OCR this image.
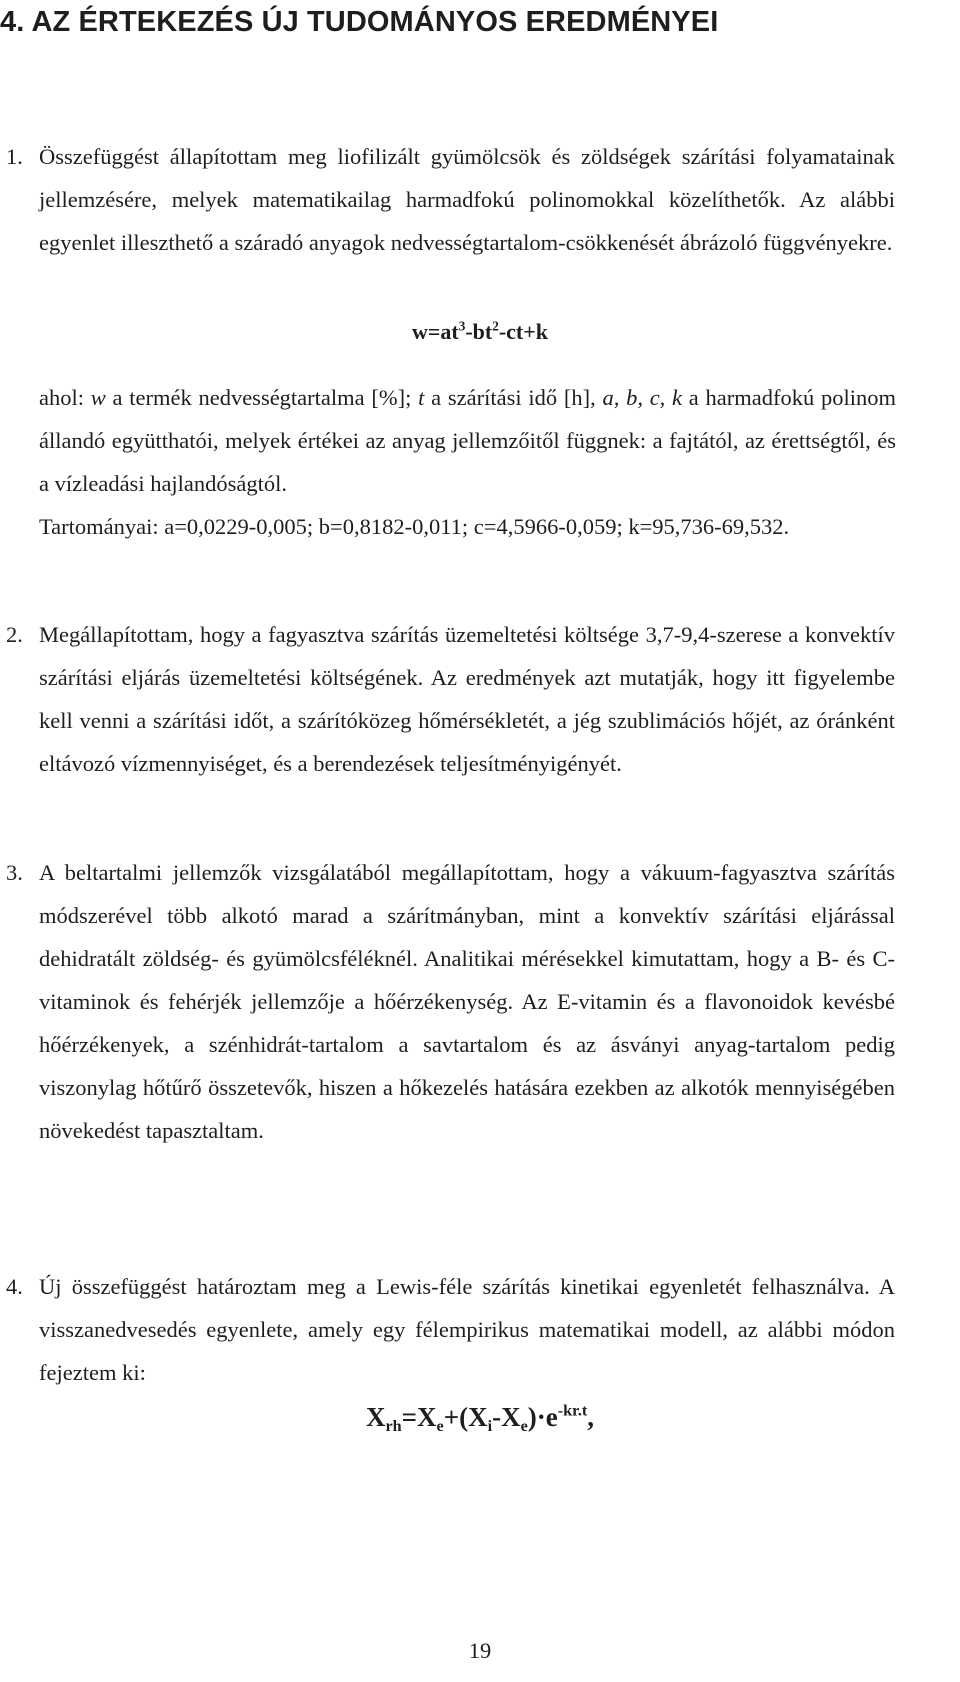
4. AZ ÉRTEKEZÉS ÚJ TUDOMÁNYOS EREDMÉNYEI

1. Összefüggést állapítottam meg liofilizált gyümölcsök és zöldségek szárítási folyamatainak jellemzésére, melyek matematikailag harmadfokú polinomokkal közelíthetők. Az alábbi egyenlet illeszthető a száradó anyagok nedvességtartalom-csökkenését ábrázoló függvényekre.

$w=at^3-bt^2-ct+k$

ahol: w a termék nedvességtartalma [%]; t a szárítási idő [h], a, b, c, k a harmadfokú polinom állandó együtthatói, melyek értékei az anyag jellemzőitől függnek: a fajtától, az érettségtől, és a vízleadási hajlandóságtól.

Tartományai: a=0,0229-0,005; b=0,8182-0,011; c=4,5966-0,059; k=95,736-69,532.

2. Megállapítottam, hogy a fagyasztva szárítás üzemeltetési költsége 3,7-9,4-szerese a konvektív szárítási eljárás üzemeltetési költségének. Az eredmények azt mutatják, hogy itt figyelembe kell venni a szárítási időt, a szárítóközeg hőmérsékletét, a jég szublimációs hőjét, az óránként eltávozó vízmennyiséget, és a berendezések teljesítményigényét.

3. A beltartalmi jellemzők vizsgálatából megállapítottam, hogy a vákuum-fagyasztva szárítás módszerével több alkotó marad a szárítmányban, mint a konvektív szárítási eljárással dehidratált zöldség- és gyümölcsféléknél. Analitikai mérésekkel kimutattam, hogy a B- és C-vitaminok és fehérjék jellemzője a hőérzékenység. Az E-vitamin és a flavonoidok kevésbé hőérzékenyek, a szénhidrát-tartalom a savtartalom és az ásványi anyag-tartalom pedig viszonylag hőtűrő összetevők, hiszen a hőkezelés hatására ezekben az alkotók mennyiségében növekedést tapasztaltam.

4. Új összefüggést határoztam meg a Lewis-féle szárítás kinetikai egyenletét felhasználva. A visszanedvesedés egyenlete, amely egy félempirikus matematikai modell, az alábbi módon fejeztem ki:

$X_{rh}=X_e+(X_i-X_e)\cdot e^{-kr.t}$,
19
